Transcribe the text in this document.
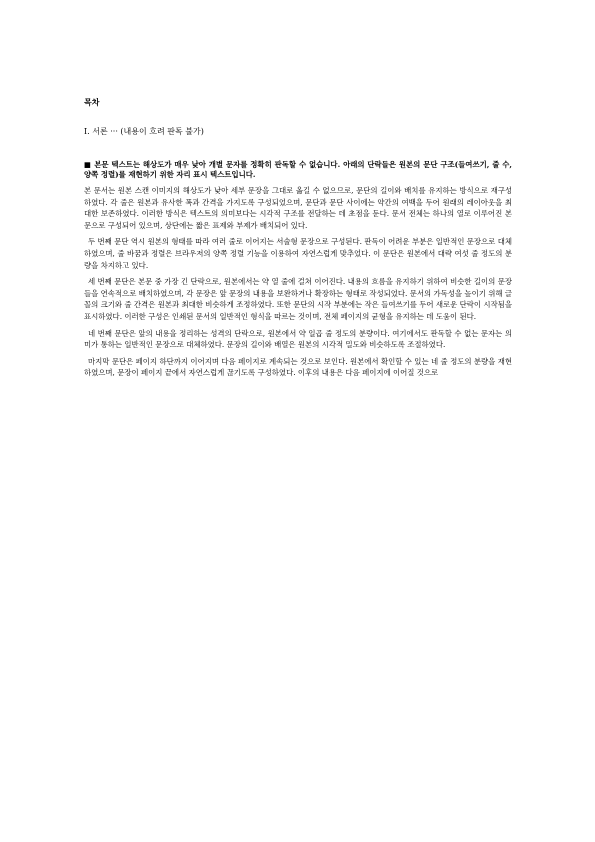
목차
I. 서론 ··· (내용이 흐려 판독 불가)
■ 본문 텍스트는 해상도가 매우 낮아 개별 문자를 정확히 판독할 수 없습니다. 아래의 단락들은 원본의 문단 구조(들여쓰기, 줄 수, 양쪽 정렬)를 재현하기 위한 자리 표시 텍스트입니다.

본 문서는 원본 스캔 이미지의 해상도가 낮아 세부 문장을 그대로 옮길 수 없으므로, 문단의 길이와 배치를 유지하는 방식으로 재구성하였다. 각 줄은 원본과 유사한 폭과 간격을 가지도록 구성되었으며, 문단과 문단 사이에는 약간의 여백을 두어 원래의 레이아웃을 최대한 보존하였다. 이러한 방식은 텍스트의 의미보다는 시각적 구조를 전달하는 데 초점을 둔다. 문서 전체는 하나의 열로 이루어진 본문으로 구성되어 있으며, 상단에는 짧은 표제와 부제가 배치되어 있다.

두 번째 문단 역시 원본의 형태를 따라 여러 줄로 이어지는 서술형 문장으로 구성된다. 판독이 어려운 부분은 일반적인 문장으로 대체하였으며, 줄 바꿈과 정렬은 브라우저의 양쪽 정렬 기능을 이용하여 자연스럽게 맞추었다. 이 문단은 원본에서 대략 여섯 줄 정도의 분량을 차지하고 있다.

세 번째 문단은 본문 중 가장 긴 단락으로, 원본에서는 약 열 줄에 걸쳐 이어진다. 내용의 흐름을 유지하기 위하여 비슷한 길이의 문장들을 연속적으로 배치하였으며, 각 문장은 앞 문장의 내용을 보완하거나 확장하는 형태로 작성되었다. 문서의 가독성을 높이기 위해 글꼴의 크기와 줄 간격은 원본과 최대한 비슷하게 조정하였다. 또한 문단의 시작 부분에는 작은 들여쓰기를 두어 새로운 단락이 시작됨을 표시하였다. 이러한 구성은 인쇄된 문서의 일반적인 형식을 따르는 것이며, 전체 페이지의 균형을 유지하는 데 도움이 된다.

네 번째 문단은 앞의 내용을 정리하는 성격의 단락으로, 원본에서 약 일곱 줄 정도의 분량이다. 여기에서도 판독할 수 없는 문자는 의미가 통하는 일반적인 문장으로 대체하였다. 문장의 길이와 배열은 원본의 시각적 밀도와 비슷하도록 조절하였다.

마지막 문단은 페이지 하단까지 이어지며 다음 페이지로 계속되는 것으로 보인다. 원본에서 확인할 수 있는 네 줄 정도의 분량을 재현하였으며, 문장이 페이지 끝에서 자연스럽게 끊기도록 구성하였다. 이후의 내용은 다음 페이지에 이어질 것으로
